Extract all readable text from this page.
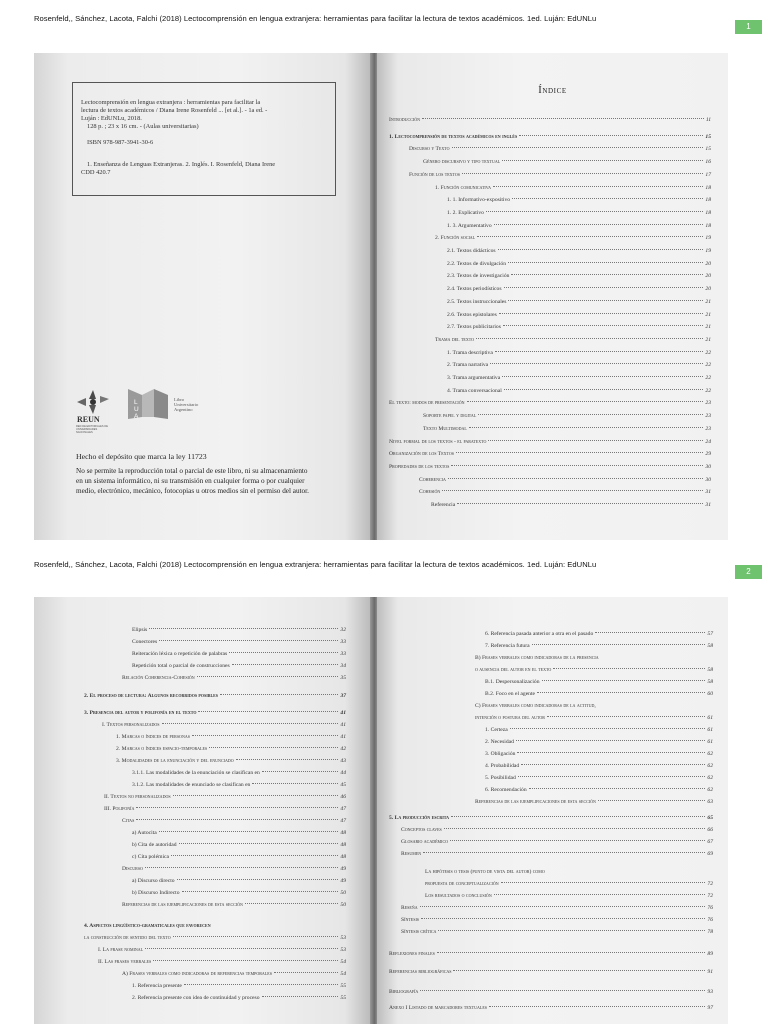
Rosenfeld,, Sánchez, Lacota, Falchi (2018) Lectocomprensión en lengua extranjera: herramientas para facilitar la lectura de textos académicos. 1ed. Luján: EdUNLu
1
Lectocomprensión en lengua extranjera : herramientas para facilitar la
lectura de textos académicos / Diana Irene Rosenfeld ... [et al.]. - 1a ed. -
Luján : EdUNLu, 2018.
128 p. ; 23 x 16 cm. - (Aulas universitarias)
ISBN 978-987-3941-30-6
1. Enseñanza de Lenguas Extranjeras. 2. Inglés. I. Rosenfeld, Diana Irene
CDD 420.7
REUN
RED DE EDITORIALES DE UNIVERSIDADES NACIONALES
L U A
Libro
Universitario
Argentino
Hecho el depósito que marca la ley 11723
No se permite la reproducción total o parcial de este libro, ni su almacenamiento
en un sistema informático, ni su transmisión en cualquier forma o por cualquier
medio, electrónico, mecánico, fotocopias u otros medios sin el permiso del autor.
Índice
Introducción	11
1. Lectocomprensión de textos académicos en inglés	15
Discurso y Texto	15
Género discursivo y tipo textual	16
Función de los textos	17
1. Función comunicativa	18
1. 1. Informativo-expositivo	18
1. 2. Explicativo	18
1. 3. Argumentativo	18
2. Función social	19
2.1. Textos didácticos	19
2.2. Textos de divulgación	20
2.3. Textos de investigación	20
2.4. Textos periodísticos	20
2.5. Textos instruccionales	21
2.6. Textos epistolares	21
2.7. Textos publicitarios	21
Trama del texto	21
1. Trama descriptiva	22
2. Trama narrativa	22
3. Trama argumentativa	22
4. Trama conversacional	22
El texto: modos de presentación	23
Soporte papel y digital	23
Texto Multimodal	23
Nivel formal de los textos - el paratexto	24
Organización de los Textos	29
Propiedades de los textos	30
Coherencia	30
Cohesión	31
Referencia	31
Rosenfeld,, Sánchez, Lacota, Falchi (2018) Lectocomprensión en lengua extranjera: herramientas para facilitar la lectura de textos académicos. 1ed. Luján: EdUNLu
2
Elipsis	32
Conectores	33
Reiteración léxica o repetición de palabras	33
Repetición total o parcial de construcciones	34
Relación Coherencia-Cohesión	35
2. El proceso de lectura: Algunos recorridos posibles	37
3. Presencia del autor y polifonía en el texto	41
I. Textos personalizados	41
1. Marcas o índices de personas	41
2. Marcas o índices espacio-temporales	42
3. Modalidades de la enunciación y del enunciado	43
3.1.1. Las modalidades de la enunciación se clasifican en	44
3.1.2. Las modalidades de enunciado se clasifican en	45
II. Textos no personalizados	46
III. Polifonía	47
Citas	47
a) Autocita	48
b) Cita de autoridad	48
c) Cita polémica	48
Discurso	49
a) Discurso directo	49
b) Discurso Indirecto	50
Referencias de las ejemplificaciones de esta sección	50
4. Aspectos lingüístico-gramaticales que favorecen
la construcción de sentido del texto	53
I. La frase nominal	53
II. Las frases verbales	54
A) Frases verbales como indicadoras de referencias temporales	54
1. Referencia presente	55
2. Referencia presente con idea de continuidad y proceso	55
6. Referencia pasada anterior a otra en el pasado	57
7. Referencia futura	58
B) Frases verbales como indicadoras de la presencia
o ausencia del autor en el texto	58
B.1. Despersonalización	58
B.2. Foco en el agente	60
C) Frases verbales como indicadoras de la actitud,
intención o postura del autor	61
1. Certeza	61
2. Necesidad	61
3. Obligación	62
4. Probabilidad	62
5. Posibilidad	62
6. Recomendación	62
Referencias de las ejemplificaciones de esta sección	63
5. La producción escrita	65
Conceptos claves	66
Glosario académico	67
Resumen	69
La hipótesis o tesis (punto de vista del autor) como
propuesta de conceptualización	72
Los resultados o conclusión	72
Reseña	76
Síntesis	76
Síntesis crítica	78
Reflexiones finales	89
Referencias bibliográficas	91
Bibliografía	93
Anexo I Listado de marcadores textuales	97
